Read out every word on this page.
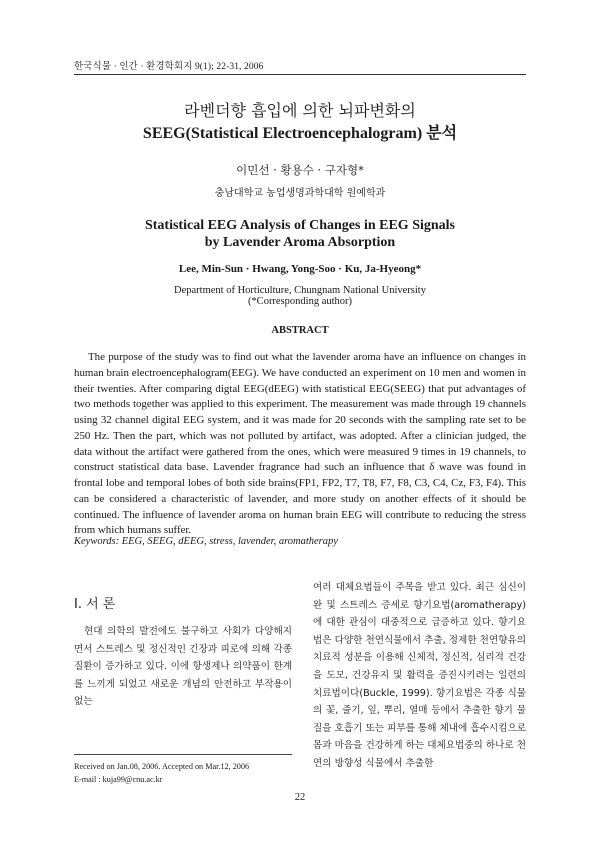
한국식물 · 인간 · 환경학회지 9(1); 22-31, 2006
라벤더향 흡입에 의한 뇌파변화의
SEEG(Statistical Electroencephalogram) 분석
이민선 · 황용수 · 구자형*
충남대학교 농업생명과학대학 원예학과
Statistical EEG Analysis of Changes in EEG Signals
by Lavender Aroma Absorption
Lee, Min-Sun · Hwang, Yong-Soo · Ku, Ja-Hyeong*
Department of Horticulture, Chungnam National University
(*Corresponding author)
ABSTRACT
The purpose of the study was to find out what the lavender aroma have an influence on changes in human brain electroencephalogram(EEG). We have conducted an experiment on 10 men and women in their twenties. After comparing digtal EEG(dEEG) with statistical EEG(SEEG) that put advantages of two methods together was applied to this experiment. The measurement was made through 19 channels using 32 channel digital EEG system, and it was made for 20 seconds with the sampling rate set to be 250 Hz. Then the part, which was not polluted by artifact, was adopted. After a clinician judged, the data without the artifact were gathered from the ones, which were measured 9 times in 19 channels, to construct statistical data base. Lavender fragrance had such an influence that δ wave was found in frontal lobe and temporal lobes of both side brains(FP1, FP2, T7, T8, F7, F8, C3, C4, Cz, F3, F4). This can be considered a characteristic of lavender, and more study on another effects of it should be continued. The influence of lavender aroma on human brain EEG will contribute to reducing the stress from which humans suffer.
Keywords: EEG, SEEG, dEEG, stress, lavender, aromatherapy
Ⅰ. 서 론
현대 의학의 발전에도 불구하고 사회가 다양해지면서 스트레스 및 정신적인 긴장과 피로에 의해 각종 질환이 증가하고 있다. 이에 항생제나 의약품이 한계를 느끼게 되었고 새로운 개념의 안전하고 부작용이 없는
여러 대체요법들이 주목을 받고 있다. 최근 심신이완 및 스트레스 증세로 향기요법(aromatherapy)에 대한 관심이 대중적으로 급증하고 있다. 향기요법은 다양한 천연식물에서 추출, 정제한 천연향유의 치료적 성분을 이용해 신체적, 정신적, 심리적 건강을 도모, 건강유지 및 활력을 증진시키려는 일련의 치료법이다(Buckle, 1999). 향기요법은 각종 식물의 꽃, 줄기, 잎, 뿌리, 열매 등에서 추출한 향기 물질을 호흡기 또는 피부를 통해 체내에 흡수시킴으로 몸과 마음을 건강하게 하는 대체요법중의 하나로 천연의 방향성 식물에서 추출한
Received on Jan.08, 2006. Accepted on Mar.12, 2006
E-mail : kuja99@cnu.ac.kr
22
